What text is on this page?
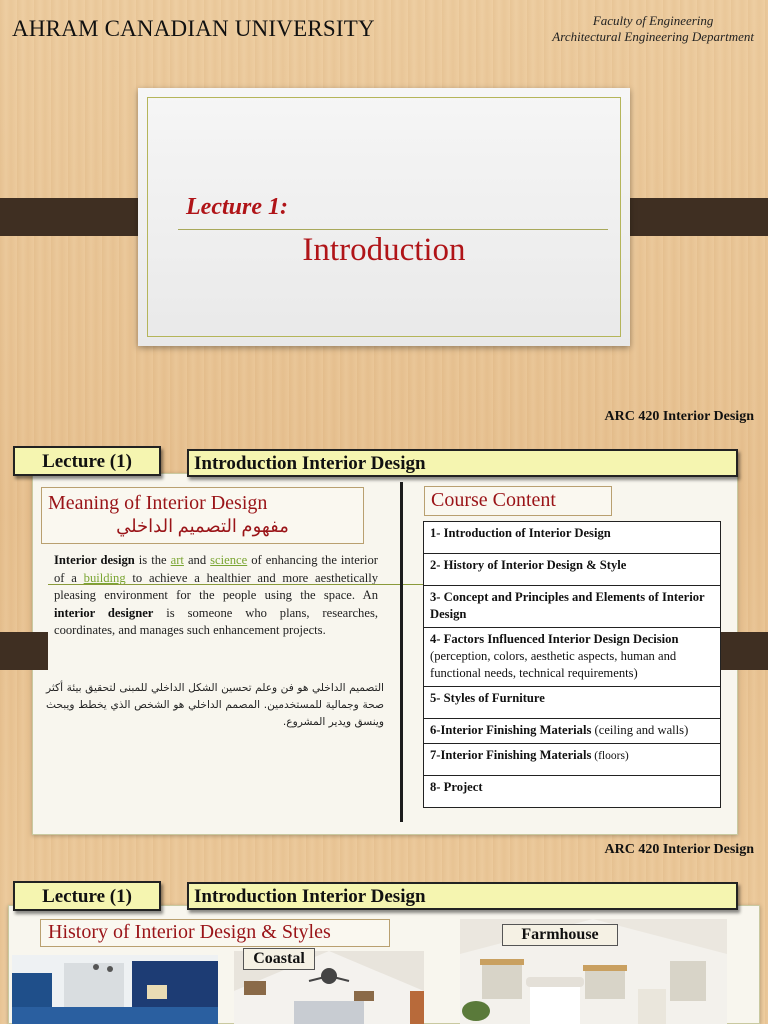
AHRAM CANADIAN UNIVERSITY	Faculty of Engineering
Architectural Engineering Department
Lecture 1:
Introduction
ARC 420 Interior Design
Lecture (1)	Introduction Interior Design
Meaning of Interior Design
مفهوم التصميم الداخلي
Interior design is the art and science of enhancing the interior of a building to achieve a healthier and more aesthetically pleasing environment for the people using the space. An interior designer is someone who plans, researches, coordinates, and manages such enhancement projects.
التصميم الداخلي هو فن وعلم تحسين الشكل الداخلي للمبنى لتحقيق بيئة أكثر صحة وجمالية للمستخدمين. المصمم الداخلي هو الشخص الذي يخطط ويبحث وينسق ويدير المشروع.
Course Content
1- Introduction of Interior Design
2- History of Interior Design & Style
3- Concept and Principles and Elements of Interior Design
4- Factors Influenced Interior Design Decision (perception, colors, aesthetic aspects, human and functional needs, technical requirements)
5- Styles of Furniture
6-Interior Finishing Materials (ceiling and walls)
7-Interior Finishing Materials (floors)
8- Project
ARC 420 Interior Design
Lecture (1)	Introduction Interior Design
History of Interior Design & Styles
Coastal
Farmhouse
